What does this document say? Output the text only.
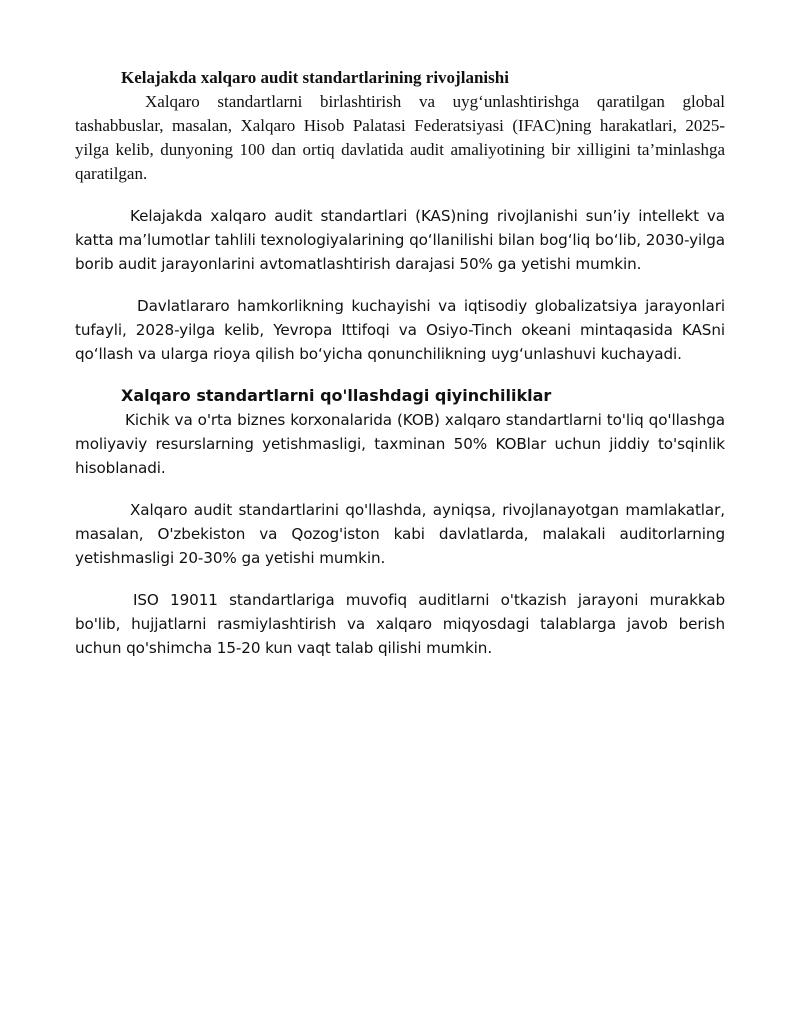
Kelajakda xalqaro audit standartlarining rivojlanishi

Xalqaro standartlarni birlashtirish va uyg‘unlashtirishga qaratilgan global tashabbuslar, masalan, Xalqaro Hisob Palatasi Federatsiyasi (IFAC)ning harakatlari, 2025-yilga kelib, dunyoning 100 dan ortiq davlatida audit amaliyotining bir xilligini ta’minlashga qaratilgan.

Kelajakda xalqaro audit standartlari (KAS)ning rivojlanishi sun’iy intellekt va katta ma’lumotlar tahlili texnologiyalarining qo‘llanilishi bilan bog‘liq bo‘lib, 2030-yilga borib audit jarayonlarini avtomatlashtirish darajasi 50% ga yetishi mumkin.

Davlatlararo hamkorlikning kuchayishi va iqtisodiy globalizatsiya jarayonlari tufayli, 2028-yilga kelib, Yevropa Ittifoqi va Osiyo-Tinch okeani mintaqasida KASni qo‘llash va ularga rioya qilish bo‘yicha qonunchilikning uyg‘unlashuvi kuchayadi.

Xalqaro standartlarni qo'llashdagi qiyinchiliklar

Kichik va o'rta biznes korxonalarida (KOB) xalqaro standartlarni to'liq qo'llashga moliyaviy resurslarning yetishmasligi, taxminan 50% KOBlar uchun jiddiy to'sqinlik hisoblanadi.

Xalqaro audit standartlarini qo'llashda, ayniqsa, rivojlanayotgan mamlakatlar, masalan, O'zbekiston va Qozog'iston kabi davlatlarda, malakali auditorlarning yetishmasligi 20-30% ga yetishi mumkin.

ISO 19011 standartlariga muvofiq auditlarni o'tkazish jarayoni murakkab bo'lib, hujjatlarni rasmiylashtirish va xalqaro miqyosdagi talablarga javob berish uchun qo'shimcha 15-20 kun vaqt talab qilishi mumkin.
